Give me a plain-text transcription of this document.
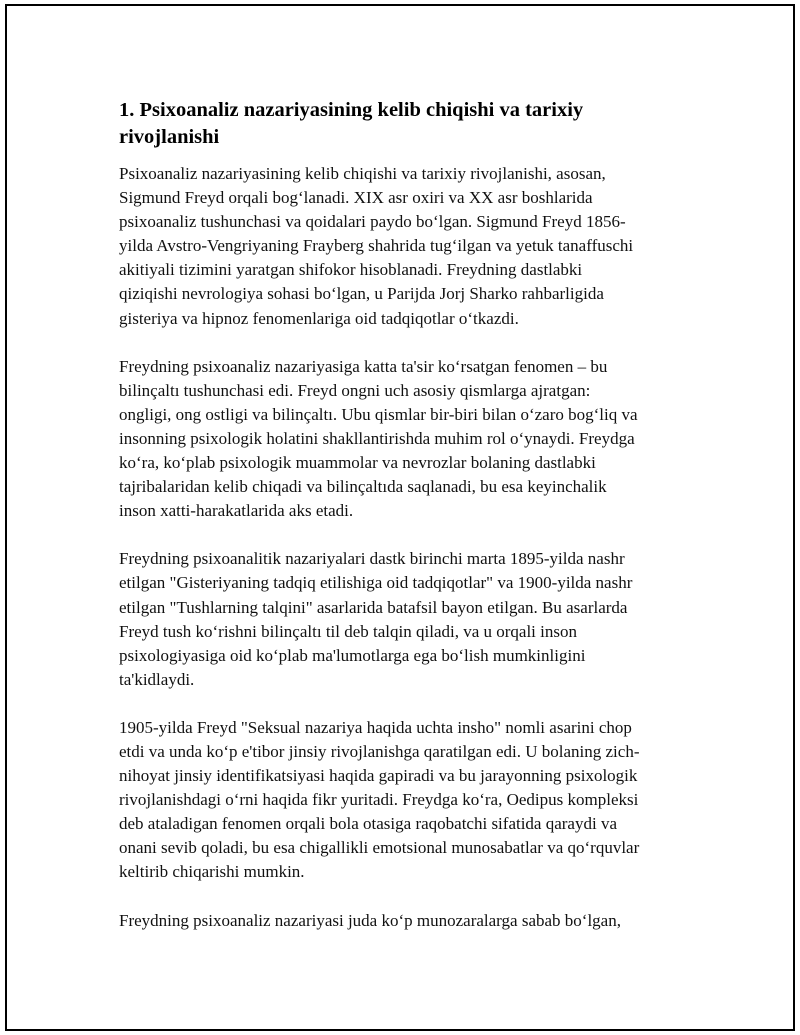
1. Psixoanaliz nazariyasining kelib chiqishi va tarixiy
rivojlanishi

Psixoanaliz nazariyasining kelib chiqishi va tarixiy rivojlanishi, asosan,
Sigmund Freyd orqali bog‘lanadi. XIX asr oxiri va XX asr boshlarida
psixoanaliz tushunchasi va qoidalari paydo bo‘lgan. Sigmund Freyd 1856-
yilda Avstro-Vengriyaning Frayberg shahrida tug‘ilgan va yetuk tanaffuschi
akitiyali tizimini yaratgan shifokor hisoblanadi. Freydning dastlabki
qiziqishi nevrologiya sohasi bo‘lgan, u Parijda Jorj Sharko rahbarligida
gisteriya va hipnoz fenomenlariga oid tadqiqotlar o‘tkazdi.

Freydning psixoanaliz nazariyasiga katta ta'sir ko‘rsatgan fenomen – bu
bilinçaltı tushunchasi edi. Freyd ongni uch asosiy qismlarga ajratgan:
ongligi, ong ostligi va bilinçaltı. Ubu qismlar bir-biri bilan o‘zaro bog‘liq va
insonning psixologik holatini shakllantirishda muhim rol o‘ynaydi. Freydga
ko‘ra, ko‘plab psixologik muammolar va nevrozlar bolaning dastlabki
tajribalaridan kelib chiqadi va bilinçaltıda saqlanadi, bu esa keyinchalik
inson xatti-harakatlarida aks etadi.

Freydning psixoanalitik nazariyalari dastk birinchi marta 1895-yilda nashr
etilgan "Gisteriyaning tadqiq etilishiga oid tadqiqotlar" va 1900-yilda nashr
etilgan "Tushlarning talqini" asarlarida batafsil bayon etilgan. Bu asarlarda
Freyd tush ko‘rishni bilinçaltı til deb talqin qiladi, va u orqali inson
psixologiyasiga oid ko‘plab ma'lumotlarga ega bo‘lish mumkinligini
ta'kidlaydi.

1905-yilda Freyd "Seksual nazariya haqida uchta insho" nomli asarini chop
etdi va unda ko‘p e'tibor jinsiy rivojlanishga qaratilgan edi. U bolaning zich-
nihoyat jinsiy identifikatsiyasi haqida gapiradi va bu jarayonning psixologik
rivojlanishdagi o‘rni haqida fikr yuritadi. Freydga ko‘ra, Oedipus kompleksi
deb ataladigan fenomen orqali bola otasiga raqobatchi sifatida qaraydi va
onani sevib qoladi, bu esa chigallikli emotsional munosabatlar va qo‘rquvlar
keltirib chiqarishi mumkin.

Freydning psixoanaliz nazariyasi juda ko‘p munozaralarga sabab bo‘lgan,
